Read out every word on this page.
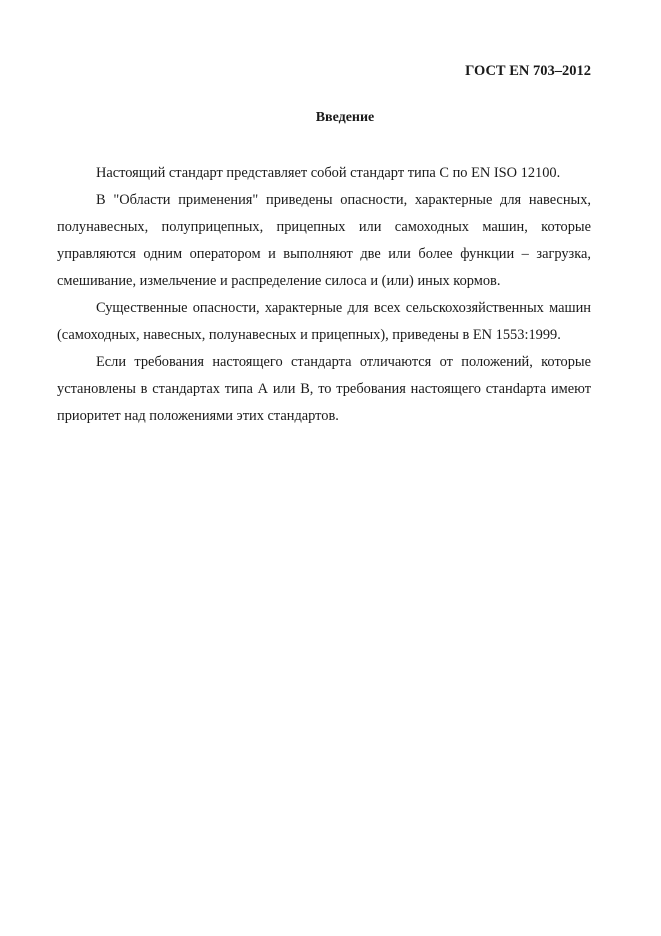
ГОСТ EN 703–2012
Введение

Настоящий стандарт представляет собой стандарт типа С по EN ISO 12100.

В "Области применения" приведены опасности, характерные для навесных, полунавесных, полуприцепных, прицепных или самоходных машин, которые управляются одним оператором и выполняют две или более функции – загрузка, смешивание, измельчение и распределение силоса и (или) иных кормов.

Существенные опасности, характерные для всех сельскохозяйственных машин (самоходных, навесных, полунавесных и прицепных), приведены в EN 1553:1999.

Если требования настоящего стандарта отличаются от положений, которые установлены в стандартах типа А или В, то требования настоящего станdарта имеют приоритет над положениями этих стандартов.
